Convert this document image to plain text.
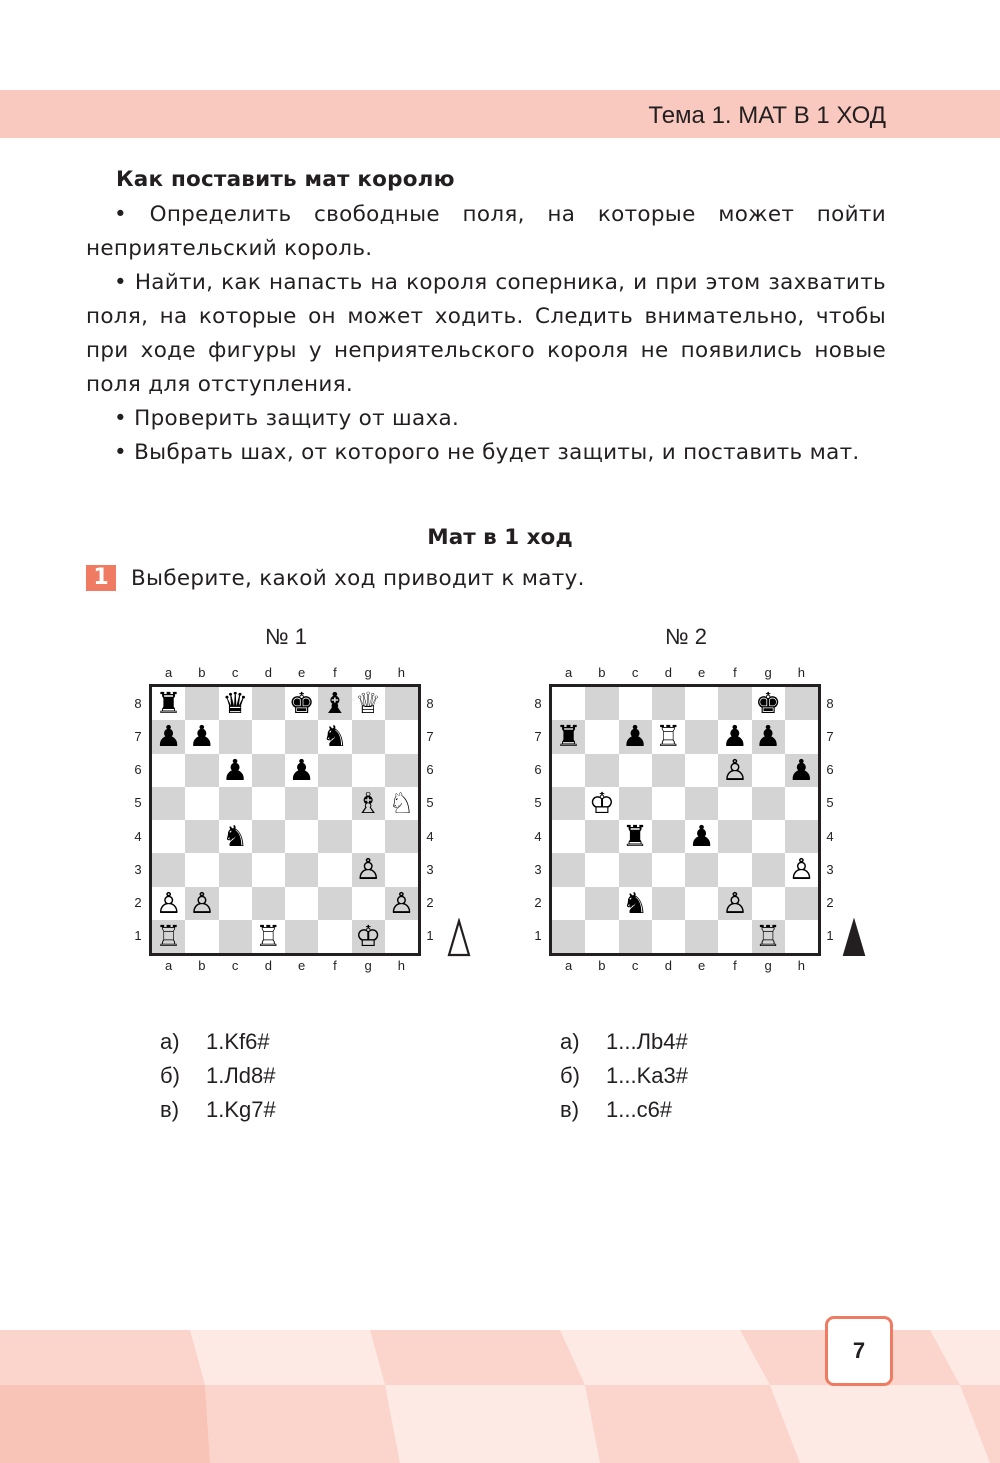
Тема 1. МАТ В 1 ХОД
Как поставить мат королю

• Определить свободные поля, на которые может пойти неприятельский король.

• Найти, как напасть на короля соперника, и при этом захватить поля, на которые он может ходить. Следить внимательно, чтобы при ходе фигуры у неприятельского короля не появились новые поля для отступления.

• Проверить защиту от шаха.

• Выбрать шах, от которого не будет защиты, и поставить мат.

Мат в 1 ход
1	Выберите, какой ход приводит к мату.
№ 1
♜ ♛ ♚ ♝ ♕
♟ ♟	♞
♟ ♟
♗ ♘
♞
♙
♙ ♙	♙
♖	♖	♔
a
a
b
b
c
c
d
d
e
e
f
f
g
g
h
h
8	8
7	7
6	6
5	5
4	4
3	3
2	2
1	1
а)	1.Kf6#
б)	1.Лd8#
в)	1.Kg7#
№ 2
♚
♜ ♟ ♖ ♟ ♟
♙ ♟
♔
♜ ♟
♙
♞	♙
♖
a
a
b
b
c
c
d
d
e
e
f
f
g
g
h
h
8	8
7	7
6	6
5	5
4	4
3	3
2	2
1	1
а)	1...Лb4#
б)	1...Ka3#
в)	1...c6#
7
